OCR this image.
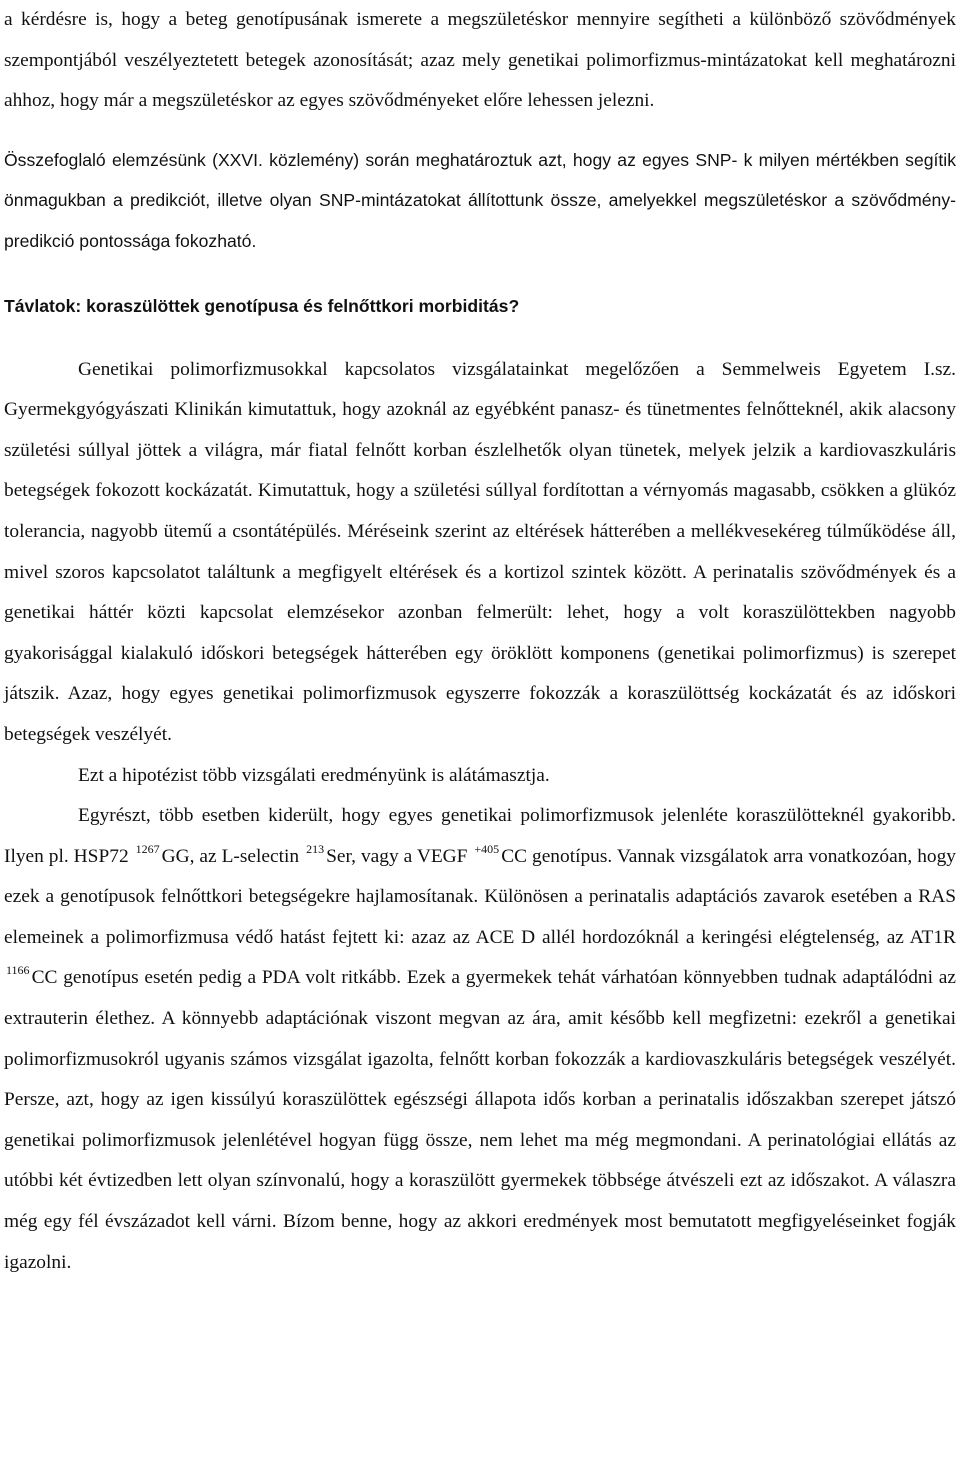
a kérdésre is, hogy a beteg genotípusának ismerete a megszületéskor mennyire segítheti a különböző szövődmények szempontjából veszélyeztetett betegek azonosítását; azaz mely genetikai polimorfizmus-mintázatokat kell meghatározni ahhoz, hogy már a megszületéskor az egyes szövődményeket előre lehessen jelezni.

Összefoglaló elemzésünk (XXVI. közlemény) során meghatároztuk azt, hogy az egyes SNP- k milyen mértékben segítik önmagukban a predikciót, illetve olyan SNP-mintázatokat állítottunk össze, amelyekkel megszületéskor a szövődmény-predikció pontossága fokozható.

Távlatok: koraszülöttek genotípusa és felnőttkori morbiditás?

Genetikai polimorfizmusokkal kapcsolatos vizsgálatainkat megelőzően a Semmelweis Egyetem I.sz. Gyermekgyógyászati Klinikán kimutattuk, hogy azoknál az egyébként panasz- és tünetmentes felnőtteknél, akik alacsony születési súllyal jöttek a világra, már fiatal felnőtt korban észlelhetők olyan tünetek, melyek jelzik a kardiovaszkuláris betegségek fokozott kockázatát. Kimutattuk, hogy a születési súllyal fordítottan a vérnyomás magasabb, csökken a glükóz tolerancia, nagyobb ütemű a csontátépülés. Méréseink szerint az eltérések hátterében a mellékvesekéreg túlműködése áll, mivel szoros kapcsolatot találtunk a megfigyelt eltérések és a kortizol szintek között. A perinatalis szövődmények és a genetikai háttér közti kapcsolat elemzésekor azonban felmerült: lehet, hogy a volt koraszülöttekben nagyobb gyakorisággal kialakuló időskori betegségek hátterében egy öröklött komponens (genetikai polimorfizmus) is szerepet játszik. Azaz, hogy egyes genetikai polimorfizmusok egyszerre fokozzák a koraszülöttség kockázatát és az időskori betegségek veszélyét.

Ezt a hipotézist több vizsgálati eredményünk is alátámasztja.

Egyrészt, több esetben kiderült, hogy egyes genetikai polimorfizmusok jelenléte koraszülötteknél gyakoribb. Ilyen pl. HSP72 $^{1267}$ GG, az L-selectin $^{213}$ Ser, vagy a VEGF $^{+405}$ CC genotípus. Vannak vizsgálatok arra vonatkozóan, hogy ezek a genotípusok felnőttkori betegségekre hajlamosítanak. Különösen a perinatalis adaptációs zavarok esetében a RAS elemeinek a polimorfizmusa védő hatást fejtett ki: azaz az ACE D allél hordozóknál a keringési elégtelenség, az AT1R $^{1166}$ CC genotípus esetén pedig a PDA volt ritkább. Ezek a gyermekek tehát várhatóan könnyebben tudnak adaptálódni az extrauterin élethez. A könnyebb adaptációnak viszont megvan az ára, amit később kell megfizetni: ezekről a genetikai polimorfizmusokról ugyanis számos vizsgálat igazolta, felnőtt korban fokozzák a kardiovaszkuláris betegségek veszélyét. Persze, azt, hogy az igen kissúlyú koraszülöttek egészségi állapota idős korban a perinatalis időszakban szerepet játszó genetikai polimorfizmusok jelenlétével hogyan függ össze, nem lehet ma még megmondani. A perinatológiai ellátás az utóbbi két évtizedben lett olyan színvonalú, hogy a koraszülött gyermekek többsége átvészeli ezt az időszakot. A válaszra még egy fél évszázadot kell várni. Bízom benne, hogy az akkori eredmények most bemutatott megfigyeléseinket fogják igazolni.
